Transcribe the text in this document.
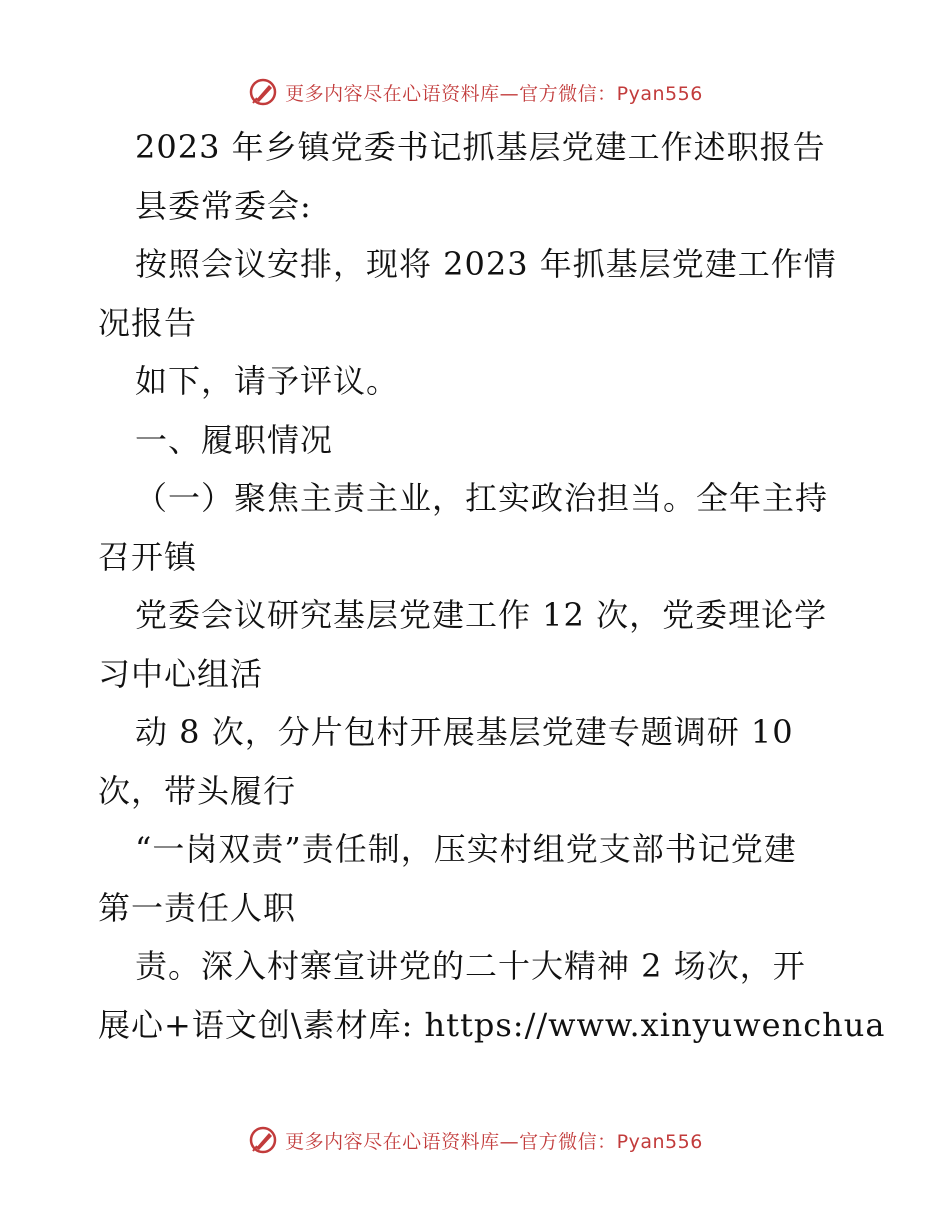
更多内容尽在心语资料库—官方微信：Pyan556
2023 年乡镇党委书记抓基层党建工作述职报告
县委常委会:
按照会议安排，现将 2023 年抓基层党建工作情
况报告
如下，请予评议。
一、履职情况
（一）聚焦主责主业，扛实政治担当。全年主持
召开镇
党委会议研究基层党建工作 12 次，党委理论学
习中心组活
动 8 次，分片包村开展基层党建专题调研 10
次，带头履行
“一岗双责”责任制，压实村组党支部书记党建
第一责任人职
责。深入村寨宣讲党的二十大精神 2 场次，开
展心+语文创\素材库: https://www.xinyuwenchua
更多内容尽在心语资料库—官方微信：Pyan556
